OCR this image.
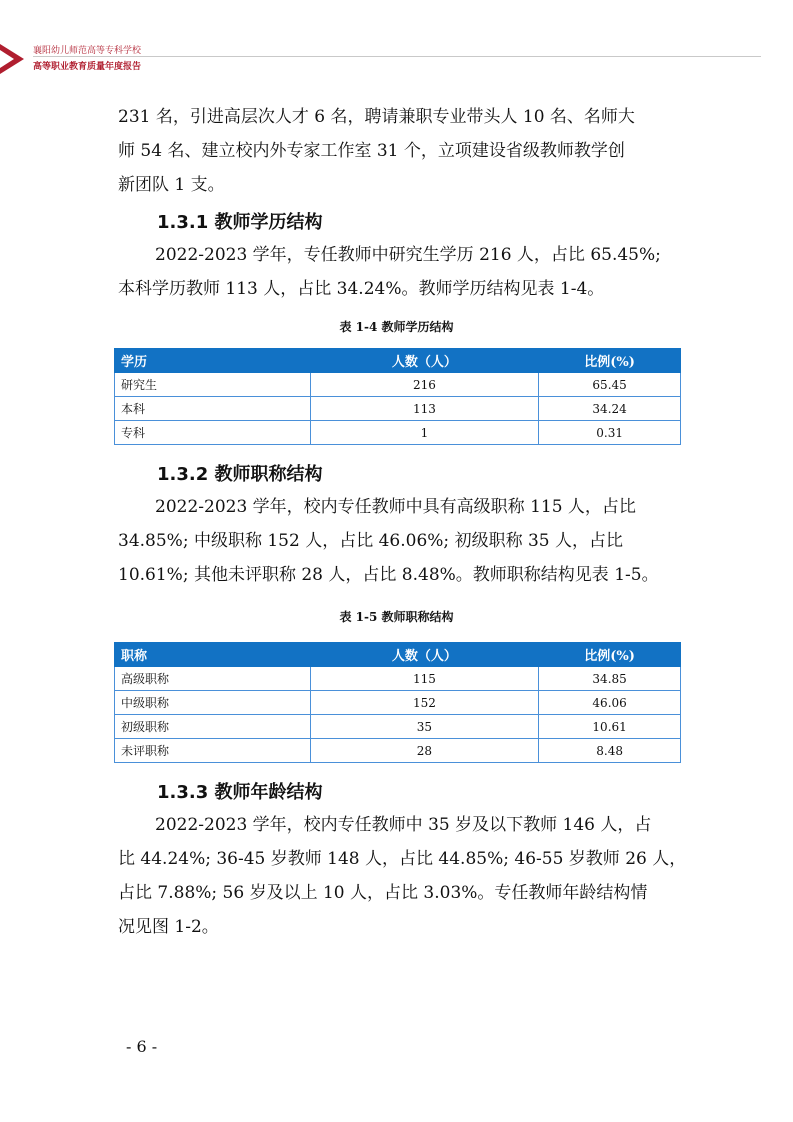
襄阳幼儿师范高等专科学校
高等职业教育质量年度报告
231 名，引进高层次人才 6 名，聘请兼职专业带头人 10 名、名师大
师 54 名、建立校内外专家工作室 31 个，立项建设省级教师教学创
新团队 1 支。
1.3.1 教师学历结构
2022-2023 学年，专任教师中研究生学历 216 人，占比 65.45%;
本科学历教师 113 人，占比 34.24%。教师学历结构见表 1-4。
表 1-4 教师学历结构
学历	人数（人）	比例(%)
研究生	216	65.45
本科	113	34.24
专科	1	0.31
1.3.2 教师职称结构
2022-2023 学年，校内专任教师中具有高级职称 115 人，占比
34.85%; 中级职称 152 人，占比 46.06%; 初级职称 35 人，占比
10.61%; 其他未评职称 28 人，占比 8.48%。教师职称结构见表 1-5。
表 1-5 教师职称结构
职称	人数（人）	比例(%)
高级职称	115	34.85
中级职称	152	46.06
初级职称	35	10.61
未评职称	28	8.48
1.3.3 教师年龄结构
2022-2023 学年，校内专任教师中 35 岁及以下教师 146 人，占
比 44.24%; 36-45 岁教师 148 人，占比 44.85%; 46-55 岁教师 26 人，
占比 7.88%; 56 岁及以上 10 人，占比 3.03%。专任教师年龄结构情
况见图 1-2。
- 6 -
